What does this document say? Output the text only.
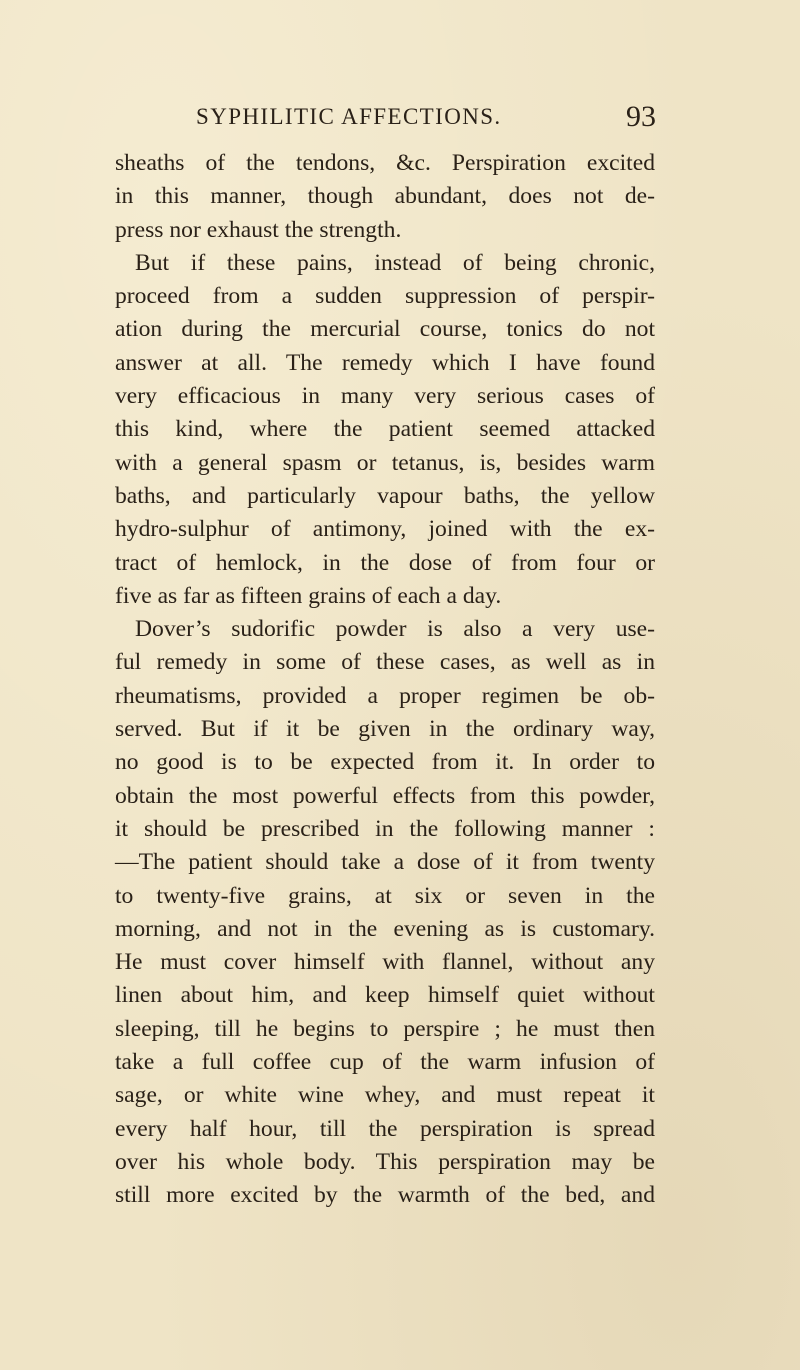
SYPHILITIC AFFECTIONS.	93
sheaths of the tendons, &c. Perspiration excited
in this manner, though abundant, does not de-
press nor exhaust the strength.
But if these pains, instead of being chronic,
proceed from a sudden suppression of perspir-
ation during the mercurial course, tonics do not
answer at all. The remedy which I have found
very efficacious in many very serious cases of
this kind, where the patient seemed attacked
with a general spasm or tetanus, is, besides warm
baths, and particularly vapour baths, the yellow
hydro-sulphur of antimony, joined with the ex-
tract of hemlock, in the dose of from four or
five as far as fifteen grains of each a day.
Dover’s sudorific powder is also a very use-
ful remedy in some of these cases, as well as in
rheumatisms, provided a proper regimen be ob-
served. But if it be given in the ordinary way,
no good is to be expected from it. In order to
obtain the most powerful effects from this powder,
it should be prescribed in the following manner :
—The patient should take a dose of it from twenty
to twenty-five grains, at six or seven in the
morning, and not in the evening as is customary.
He must cover himself with flannel, without any
linen about him, and keep himself quiet without
sleeping, till he begins to perspire ; he must then
take a full coffee cup of the warm infusion of
sage, or white wine whey, and must repeat it
every half hour, till the perspiration is spread
over his whole body. This perspiration may be
still more excited by the warmth of the bed, and
